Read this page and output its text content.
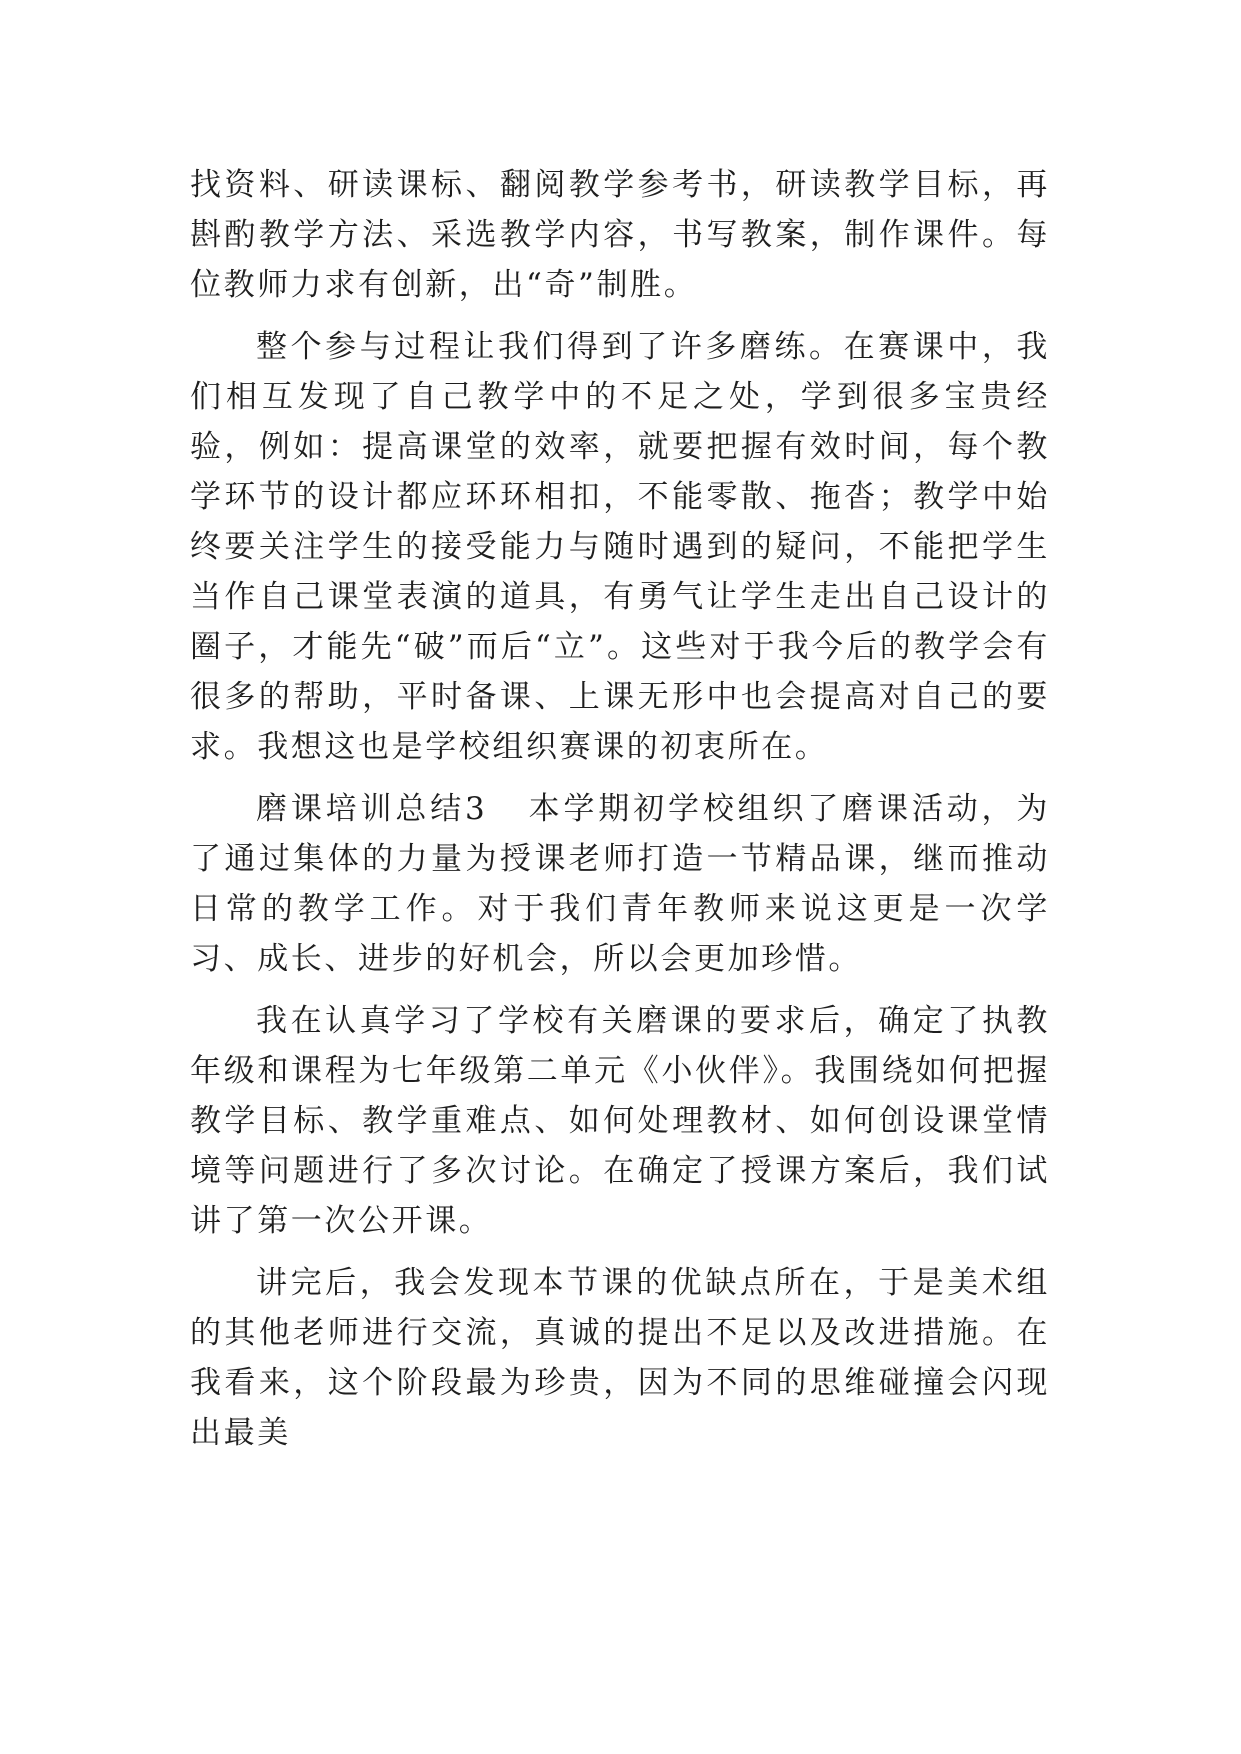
找资料、研读课标、翻阅教学参考书，研读教学目标，再斟酌教学方法、采选教学内容，书写教案，制作课件。每位教师力求有创新，出“奇”制胜。

整个参与过程让我们得到了许多磨练。在赛课中，我们相互发现了自己教学中的不足之处，学到很多宝贵经验，例如：提高课堂的效率，就要把握有效时间，每个教学环节的设计都应环环相扣，不能零散、拖沓；教学中始终要关注学生的接受能力与随时遇到的疑问，不能把学生当作自己课堂表演的道具，有勇气让学生走出自己设计的圈子，才能先“破”而后“立”。这些对于我今后的教学会有很多的帮助，平时备课、上课无形中也会提高对自己的要求。我想这也是学校组织赛课的初衷所在。

磨课培训总结3 本学期初学校组织了磨课活动，为了通过集体的力量为授课老师打造一节精品课，继而推动日常的教学工作。对于我们青年教师来说这更是一次学习、成长、进步的好机会，所以会更加珍惜。

我在认真学习了学校有关磨课的要求后，确定了执教年级和课程为七年级第二单元《小伙伴》。我围绕如何把握教学目标、教学重难点、如何处理教材、如何创设课堂情境等问题进行了多次讨论。在确定了授课方案后，我们试讲了第一次公开课。

讲完后，我会发现本节课的优缺点所在，于是美术组的其他老师进行交流，真诚的提出不足以及改进措施。在我看来，这个阶段最为珍贵，因为不同的思维碰撞会闪现出最美
